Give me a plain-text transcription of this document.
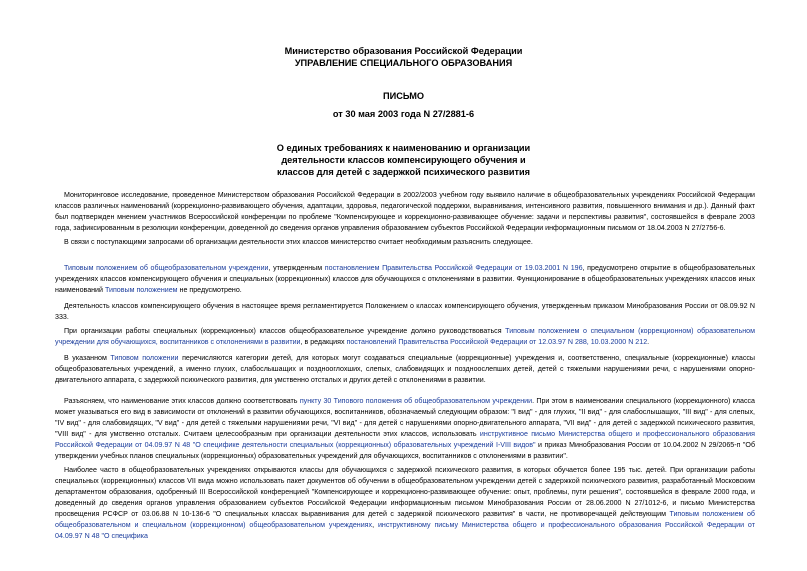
Министерство образования Российской Федерации
УПРАВЛЕНИЕ СПЕЦИАЛЬНОГО ОБРАЗОВАНИЯ
ПИСЬМО
от 30 мая 2003 года N 27/2881-6
О единых требованиях к наименованию и организации
деятельности классов компенсирующего обучения и
классов для детей с задержкой психического развития
Мониторинговое исследование, проведенное Министерством образования Российской Федерации в 2002/2003 учебном году выявило наличие в общеобразовательных учреждениях Российской Федерации классов различных наименований (коррекционно-развивающего обучения, адаптации, здоровья, педагогической поддержки, выравнивания, интенсивного развития, повышенного внимания и др.). Данный факт был подтвержден мнением участников Всероссийской конференции по проблеме "Компенсирующее и коррекционно-развивающее обучение: задачи и перспективы развития", состоявшейся в феврале 2003 года, зафиксированным в резолюции конференции, доведенной до сведения органов управления образованием субъектов Российской Федерации информационным письмом от 18.04.2003 N 27/2756-6.
В связи с поступающими запросами об организации деятельности этих классов министерство считает необходимым разъяснить следующее.
Типовым положением об общеобразовательном учреждении, утвержденным постановлением Правительства Российской Федерации от 19.03.2001 N 196, предусмотрено открытие в общеобразовательных учреждениях классов компенсирующего обучения и специальных (коррекционных) классов для обучающихся с отклонениями в развитии. Функционирование в общеобразовательных учреждениях классов иных наименований Типовым положением не предусмотрено.
Деятельность классов компенсирующего обучения в настоящее время регламентируется Положением о классах компенсирующего обучения, утвержденным приказом Минобразования России от 08.09.92 N 333.
При организации работы специальных (коррекционных) классов общеобразовательное учреждение должно руководствоваться Типовым положением о специальном (коррекционном) образовательном учреждении для обучающихся, воспитанников с отклонениями в развитии, в редакциях постановлений Правительства Российской Федерации от 12.03.97 N 288, 10.03.2000 N 212.
В указанном Типовом положении перечисляются категории детей, для которых могут создаваться специальные (коррекционные) учреждения и, соответственно, специальные (коррекционные) классы общеобразовательных учреждений, а именно глухих, слабослышащих и позднооглохших, слепых, слабовидящих и поздноослепших детей, детей с тяжелыми нарушениями речи, с нарушениями опорно-двигательного аппарата, с задержкой психического развития, для умственно отсталых и других детей с отклонениями в развитии.
Разъясняем, что наименование этих классов должно соответствовать пункту 30 Типового положения об общеобразовательном учреждении. При этом в наименовании специального (коррекционного) класса может указываться его вид в зависимости от отклонений в развитии обучающихся, воспитанников, обозначаемый следующим образом: "I вид" - для глухих, "II вид" - для слабослышащих, "III вид" - для слепых, "IV вид" - для слабовидящих, "V вид" - для детей с тяжелыми нарушениями речи, "VI вид" - для детей с нарушениями опорно-двигательного аппарата, "VII вид" - для детей с задержкой психического развития, "VIII вид" - для умственно отсталых. Считаем целесообразным при организации деятельности этих классов, использовать инструктивное письмо Министерства общего и профессионального образования Российской Федерации от 04.09.97 N 48 "О специфике деятельности специальных (коррекционных) образовательных учреждений I-VIII видов" и приказ Минобразования России от 10.04.2002 N 29/2065-п "Об утверждении учебных планов специальных (коррекционных) образовательных учреждений для обучающихся, воспитанников с отклонениями в развитии".
Наиболее часто в общеобразовательных учреждениях открываются классы для обучающихся с задержкой психического развития, в которых обучается более 195 тыс. детей. При организации работы специальных (коррекционных) классов VII вида можно использовать пакет документов об обучении в общеобразовательном учреждении детей с задержкой психического развития, разработанный Московским департаментом образования, одобренный III Всероссийской конференцией "Компенсирующее и коррекционно-развивающее обучение: опыт, проблемы, пути решения", состоявшейся в феврале 2000 года, и доведенный до сведения органов управления образованием субъектов Российской Федерации информационным письмом Минобразования России от 28.06.2000 N 27/1012-6, и письмо Министерства просвещения РСФСР от 03.06.88 N 10-136-6 "О специальных классах выравнивания для детей с задержкой психического развития" в части, не противоречащей действующим Типовым положением об общеобразовательном и специальном (коррекционном) общеобразовательном учреждениях, инструктивному письму Министерства общего и профессионального образования Российской Федерации от 04.09.97 N 48 "О специфика
